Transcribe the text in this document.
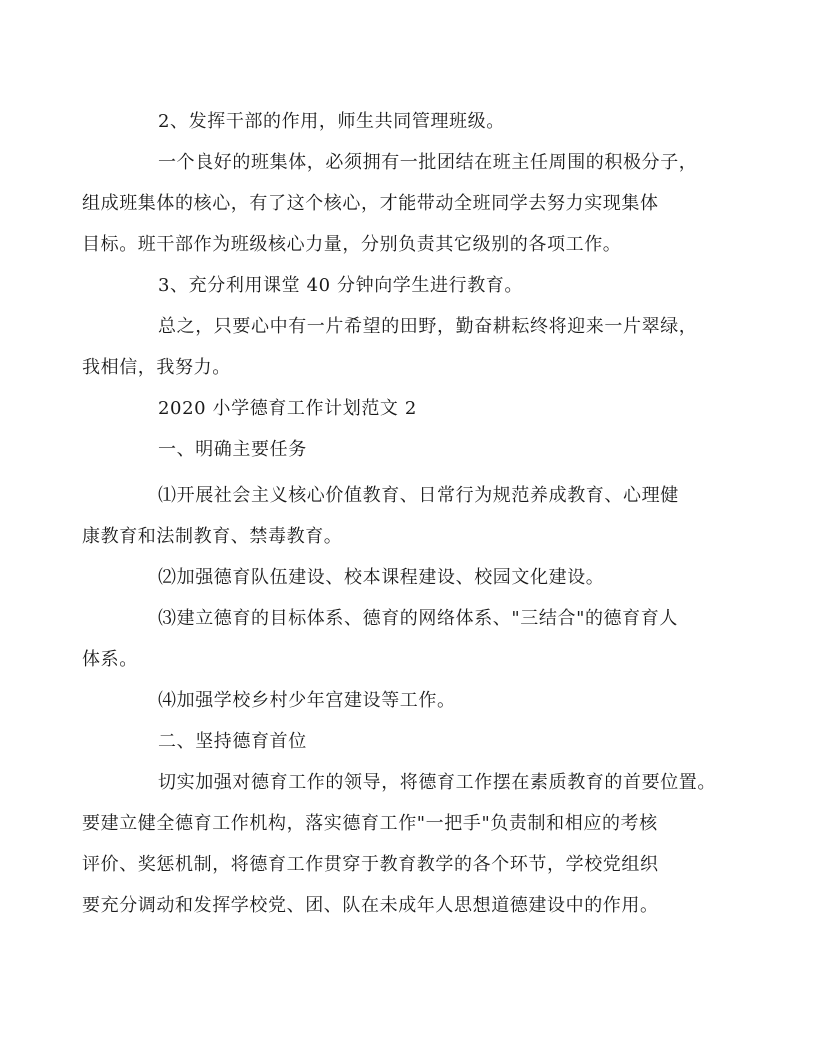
2、发挥干部的作用，师生共同管理班级。

一个良好的班集体，必须拥有一批团结在班主任周围的积极分子，
组成班集体的核心，有了这个核心，才能带动全班同学去努力实现集体
目标。班干部作为班级核心力量，分别负责其它级别的各项工作。

3、充分利用课堂 40 分钟向学生进行教育。

总之，只要心中有一片希望的田野，勤奋耕耘终将迎来一片翠绿，
我相信，我努力。

2020 小学德育工作计划范文 2

一、明确主要任务

⑴开展社会主义核心价值教育、日常行为规范养成教育、心理健
康教育和法制教育、禁毒教育。

⑵加强德育队伍建设、校本课程建设、校园文化建设。

⑶建立德育的目标体系、德育的网络体系、"三结合"的德育育人
体系。

⑷加强学校乡村少年宫建设等工作。

二、坚持德育首位

切实加强对德育工作的领导，将德育工作摆在素质教育的首要位置。
要建立健全德育工作机构，落实德育工作"一把手"负责制和相应的考核
评价、奖惩机制，将德育工作贯穿于教育教学的各个环节，学校党组织
要充分调动和发挥学校党、团、队在未成年人思想道德建设中的作用。
